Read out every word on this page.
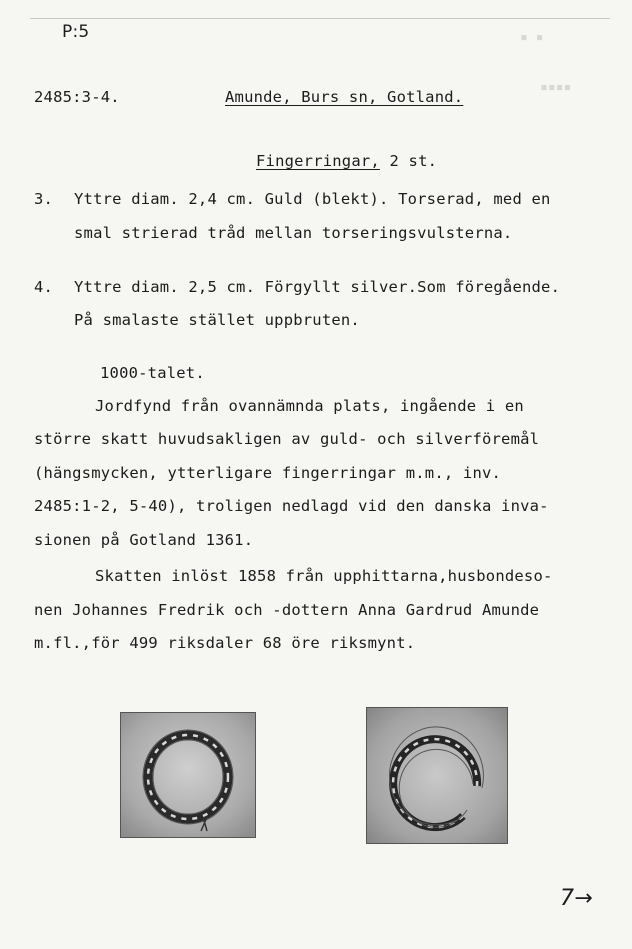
▪ ▪
▪▪▪▪
P:5
2485:3-4.	Amunde, Burs sn, Gotland.
Fingerringar, 2 st.
3. Yttre diam. 2,4 cm. Guld (blekt). Torserad, med en
smal strierad tråd mellan torseringsvulsterna.
4. Yttre diam. 2,5 cm. Förgyllt silver.Som föregående.
På smalaste stället uppbruten.
1000-talet.
Jordfynd från ovannämnda plats, ingående i en
större skatt huvudsakligen av guld- och silverföremål
(hängsmycken, ytterligare fingerringar m.m., inv.
2485:1-2, 5-40), troligen nedlagd vid den danska inva-
sionen på Gotland 1361.
Skatten inlöst 1858 från upphittarna,husbondeso-
nen Johannes Fredrik och -dottern Anna Gardrud Amunde
m.fl.,för 499 riksdaler 68 öre riksmynt.
7→
